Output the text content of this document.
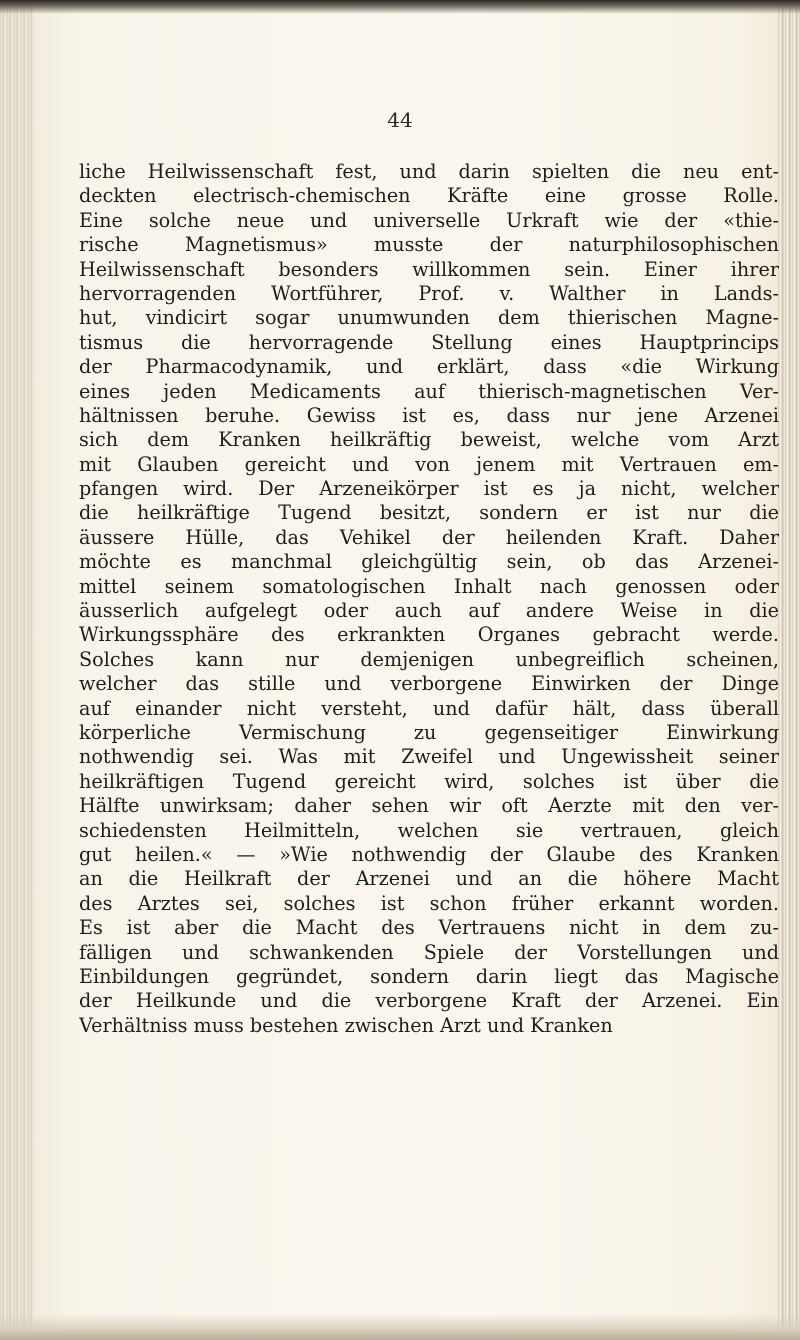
44
liche Heilwissenschaft fest, und darin spielten die neu ent-
deckten electrisch-chemischen Kräfte eine grosse Rolle.
Eine solche neue und universelle Urkraft wie der «thie-
rische Magnetismus» musste der naturphilosophischen
Heilwissenschaft besonders willkommen sein. Einer ihrer
hervorragenden Wortführer, Prof. v. Walther in Lands-
hut, vindicirt sogar unumwunden dem thierischen Magne-
tismus die hervorragende Stellung eines Hauptprincips
der Pharmacodynamik, und erklärt, dass «die Wirkung
eines jeden Medicaments auf thierisch-magnetischen Ver-
hältnissen beruhe. Gewiss ist es, dass nur jene Arzenei
sich dem Kranken heilkräftig beweist, welche vom Arzt
mit Glauben gereicht und von jenem mit Vertrauen em-
pfangen wird. Der Arzeneikörper ist es ja nicht, welcher
die heilkräftige Tugend besitzt, sondern er ist nur die
äussere Hülle, das Vehikel der heilenden Kraft. Daher
möchte es manchmal gleichgültig sein, ob das Arzenei-
mittel seinem somatologischen Inhalt nach genossen oder
äusserlich aufgelegt oder auch auf andere Weise in die
Wirkungssphäre des erkrankten Organes gebracht werde.
Solches kann nur demjenigen unbegreiflich scheinen,
welcher das stille und verborgene Einwirken der Dinge
auf einander nicht versteht, und dafür hält, dass überall
körperliche Vermischung zu gegenseitiger Einwirkung
nothwendig sei. Was mit Zweifel und Ungewissheit seiner
heilkräftigen Tugend gereicht wird, solches ist über die
Hälfte unwirksam; daher sehen wir oft Aerzte mit den ver-
schiedensten Heilmitteln, welchen sie vertrauen, gleich
gut heilen.« — »Wie nothwendig der Glaube des Kranken
an die Heilkraft der Arzenei und an die höhere Macht
des Arztes sei, solches ist schon früher erkannt worden.
Es ist aber die Macht des Vertrauens nicht in dem zu-
fälligen und schwankenden Spiele der Vorstellungen und
Einbildungen gegründet, sondern darin liegt das Magische
der Heilkunde und die verborgene Kraft der Arzenei. Ein
Verhältniss muss bestehen zwischen Arzt und Kranken
